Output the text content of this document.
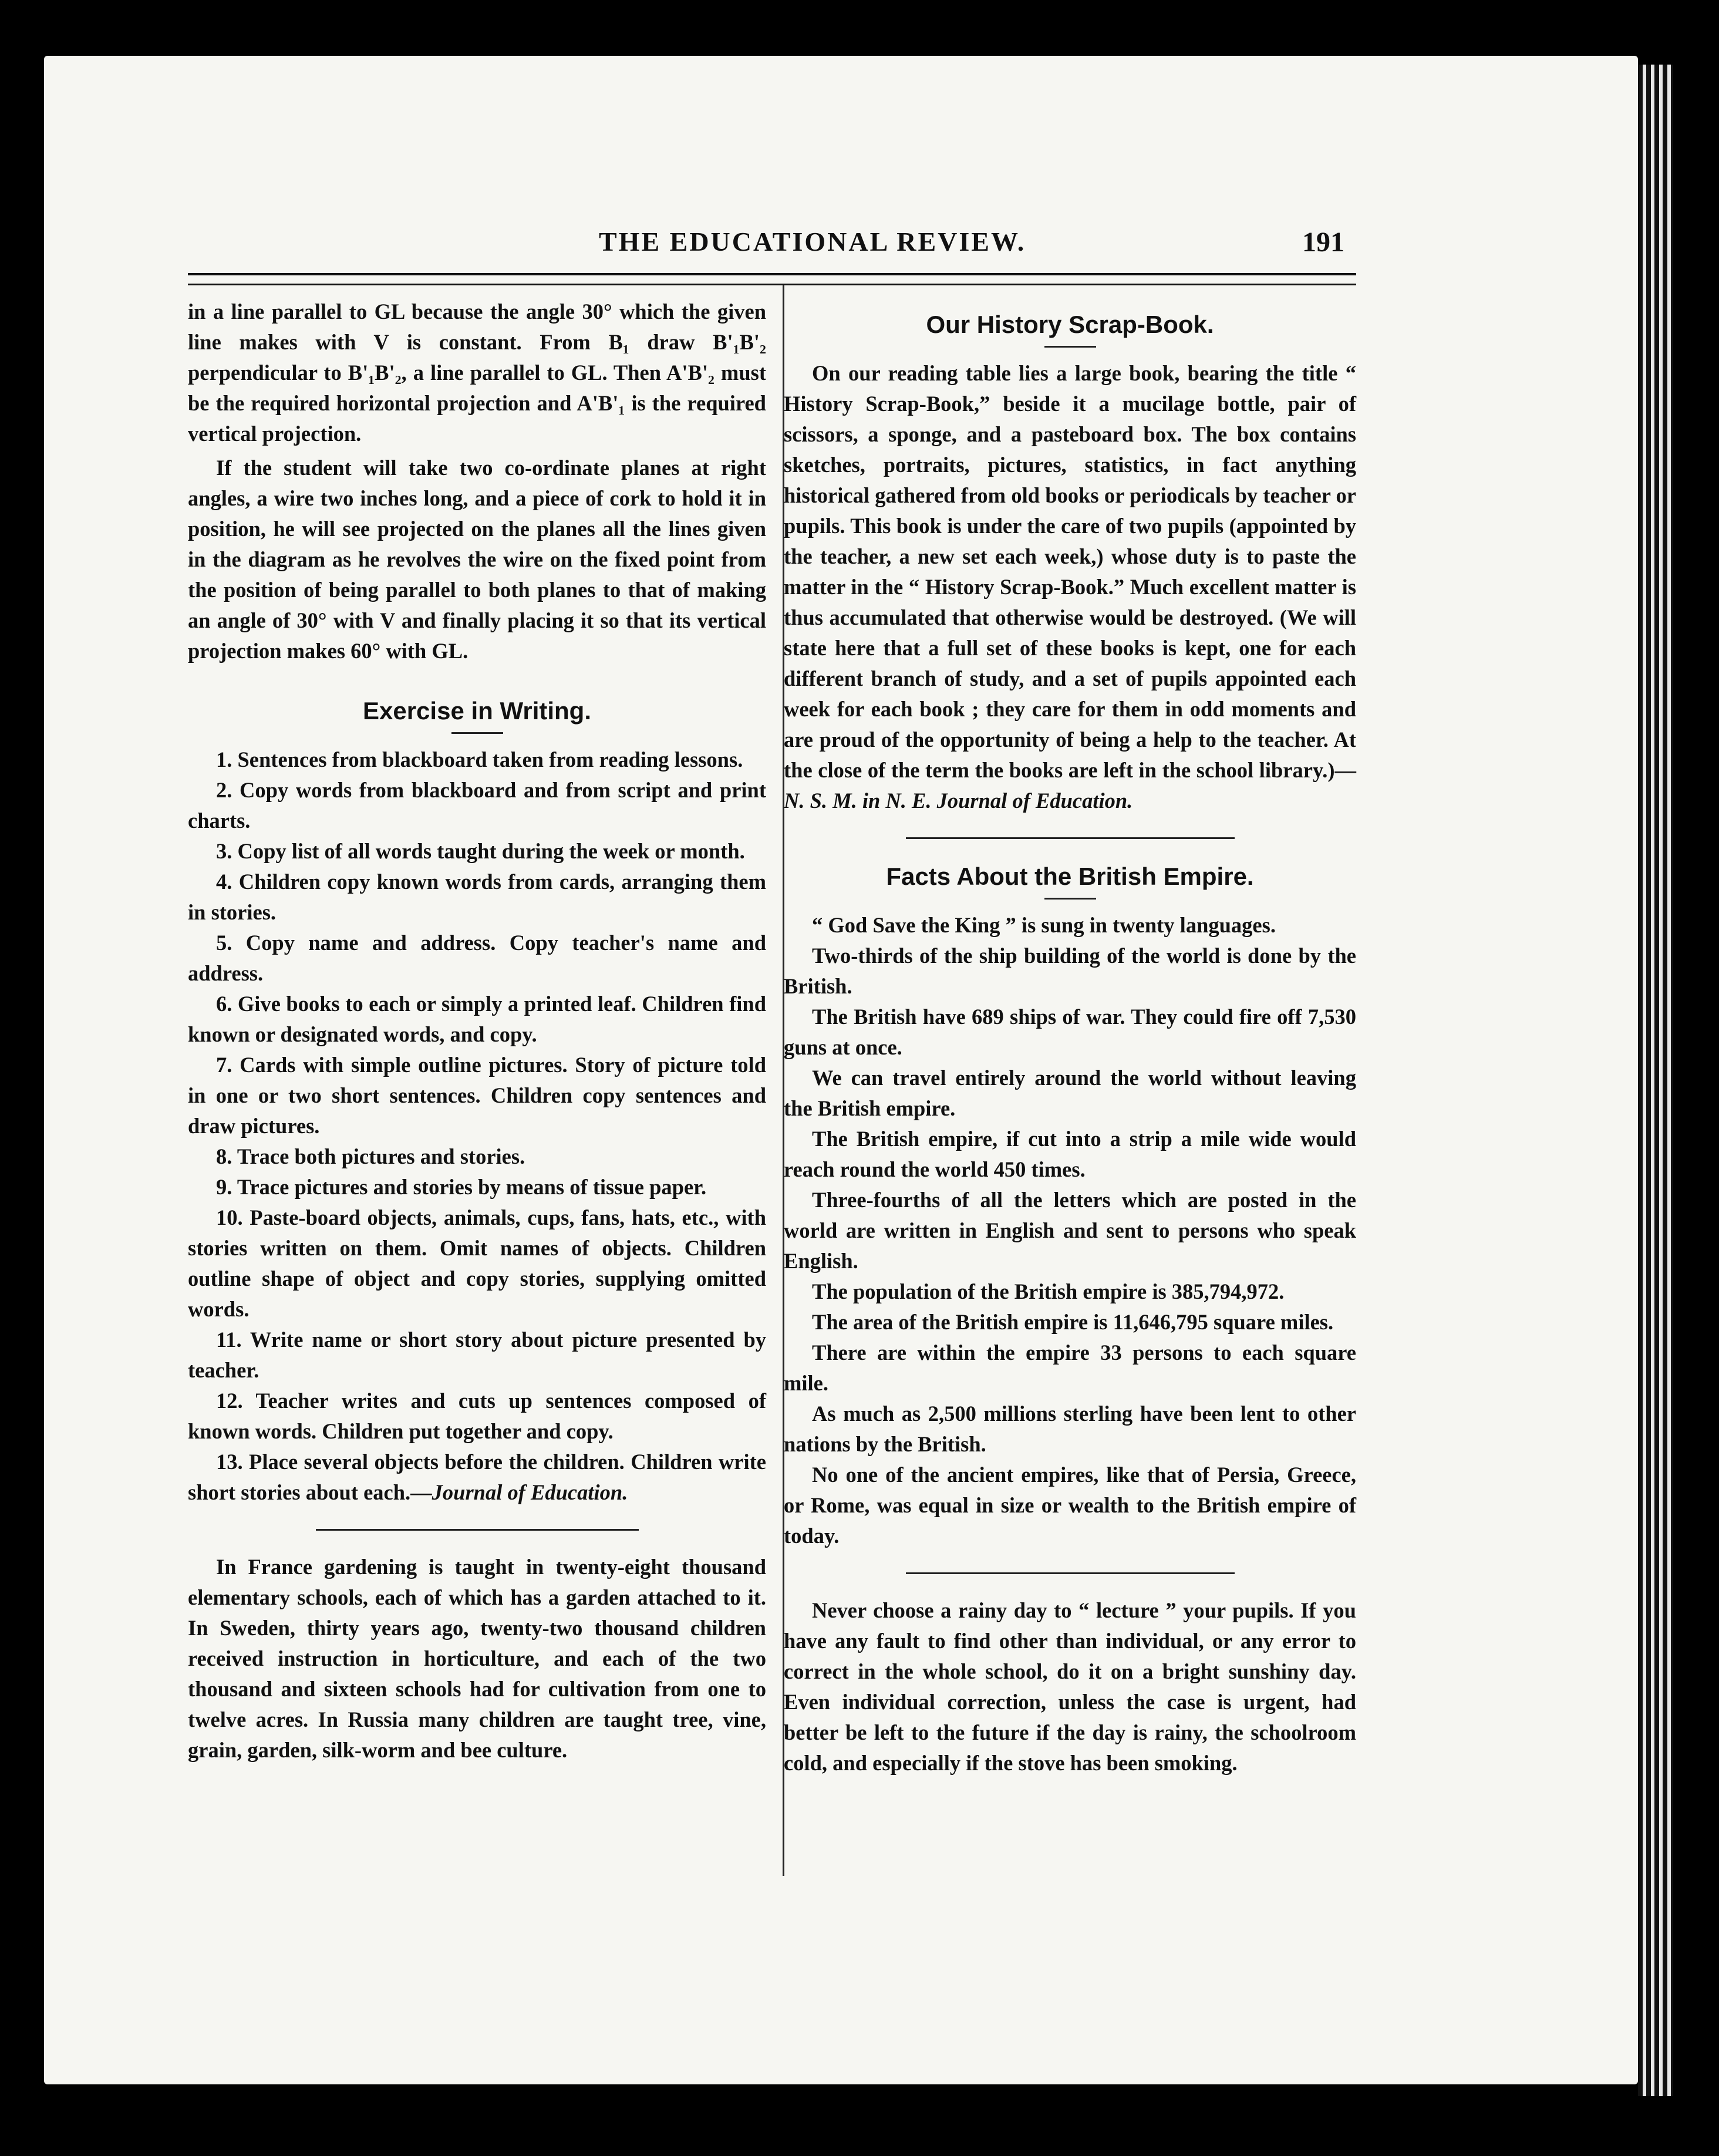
THE EDUCATIONAL REVIEW.	191

in a line parallel to GL because the angle 30° which the given line makes with V is constant. From B₁ draw B'₁B'₂ perpendicular to B'₁B'₂, a line parallel to GL. Then A'B'₂ must be the required horizontal projection and A'B'₁ is the required vertical projection.

If the student will take two co-ordinate planes at right angles, a wire two inches long, and a piece of cork to hold it in position, he will see projected on the planes all the lines given in the diagram as he revolves the wire on the fixed point from the position of being parallel to both planes to that of making an angle of 30° with V and finally placing it so that its vertical projection makes 60° with GL.

Exercise in Writing.

1. Sentences from blackboard taken from reading lessons.

2. Copy words from blackboard and from script and print charts.

3. Copy list of all words taught during the week or month.

4. Children copy known words from cards, arranging them in stories.

5. Copy name and address. Copy teacher's name and address.

6. Give books to each or simply a printed leaf. Children find known or designated words, and copy.

7. Cards with simple outline pictures. Story of picture told in one or two short sentences. Children copy sentences and draw pictures.

8. Trace both pictures and stories.

9. Trace pictures and stories by means of tissue paper.

10. Paste-board objects, animals, cups, fans, hats, etc., with stories written on them. Omit names of objects. Children outline shape of object and copy stories, supplying omitted words.

11. Write name or short story about picture presented by teacher.

12. Teacher writes and cuts up sentences composed of known words. Children put together and copy.

13. Place several objects before the children. Children write short stories about each.—Journal of Education.

In France gardening is taught in twenty-eight thousand elementary schools, each of which has a garden attached to it. In Sweden, thirty years ago, twenty-two thousand children received instruction in horticulture, and each of the two thousand and sixteen schools had for cultivation from one to twelve acres. In Russia many children are taught tree, vine, grain, garden, silk-worm and bee culture.

Our History Scrap-Book.

On our reading table lies a large book, bearing the title “ History Scrap-Book,” beside it a mucilage bottle, pair of scissors, a sponge, and a pasteboard box. The box contains sketches, portraits, pictures, statistics, in fact anything historical gathered from old books or periodicals by teacher or pupils. This book is under the care of two pupils (appointed by the teacher, a new set each week,) whose duty is to paste the matter in the “ History Scrap-Book.” Much excellent matter is thus accumulated that otherwise would be destroyed. (We will state here that a full set of these books is kept, one for each different branch of study, and a set of pupils appointed each week for each book ; they care for them in odd moments and are proud of the opportunity of being a help to the teacher. At the close of the term the books are left in the school library.)—N. S. M. in N. E. Journal of Education.

Facts About the British Empire.

“ God Save the King ” is sung in twenty languages.

Two-thirds of the ship building of the world is done by the British.

The British have 689 ships of war. They could fire off 7,530 guns at once.

We can travel entirely around the world without leaving the British empire.

The British empire, if cut into a strip a mile wide would reach round the world 450 times.

Three-fourths of all the letters which are posted in the world are written in English and sent to persons who speak English.

The population of the British empire is 385,794,972.

The area of the British empire is 11,646,795 square miles.

There are within the empire 33 persons to each square mile.

As much as 2,500 millions sterling have been lent to other nations by the British.

No one of the ancient empires, like that of Persia, Greece, or Rome, was equal in size or wealth to the British empire of today.

Never choose a rainy day to “ lecture ” your pupils. If you have any fault to find other than individual, or any error to correct in the whole school, do it on a bright sunshiny day. Even individual correction, unless the case is urgent, had better be left to the future if the day is rainy, the schoolroom cold, and especially if the stove has been smoking.
